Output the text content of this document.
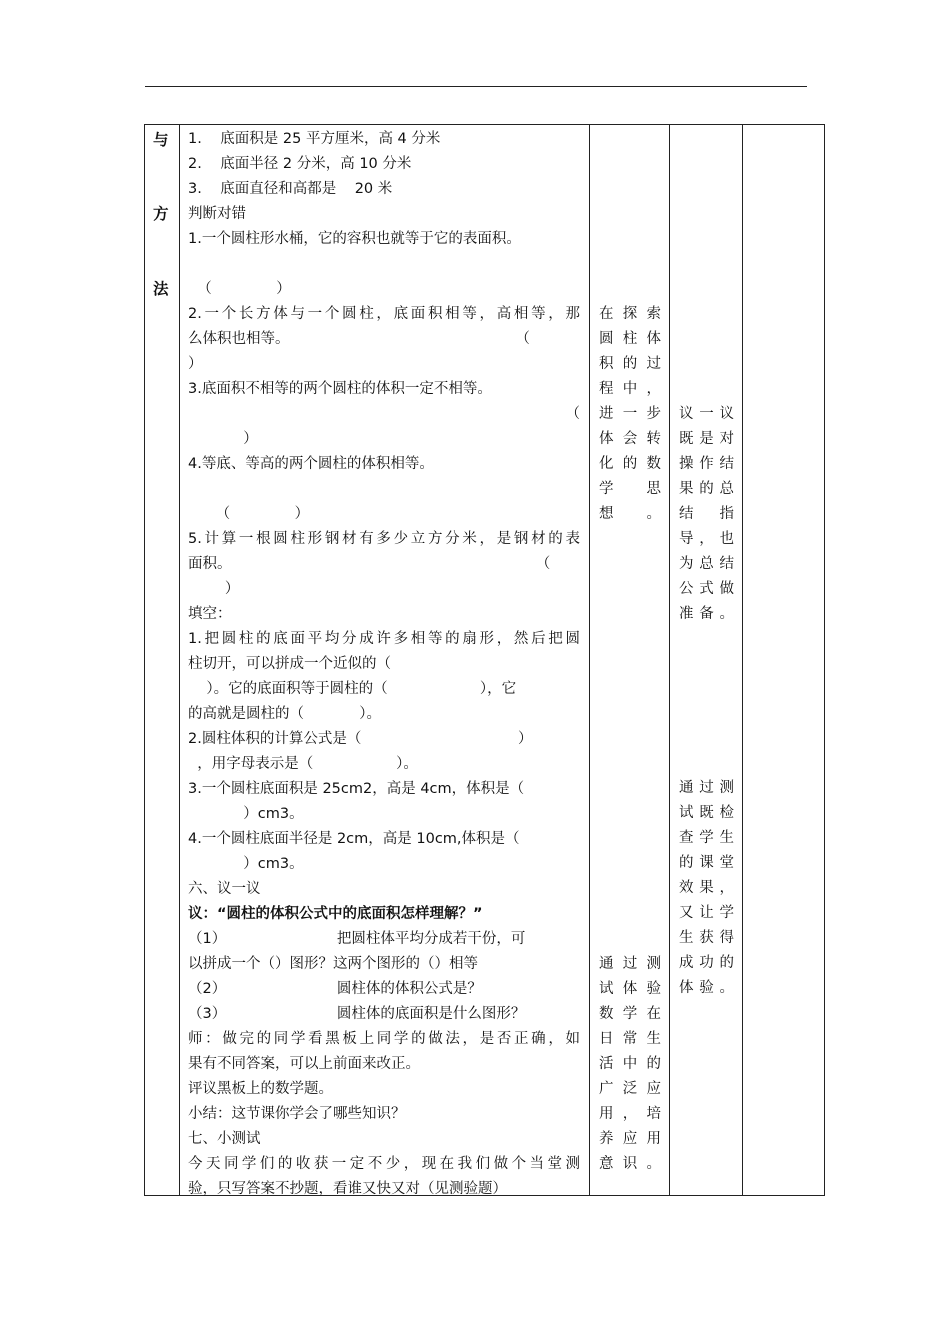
与
方
法
1.    底面积是 25 平方厘米，高 4 分米
2.    底面半径 2 分米，高 10 分米
3.    底面直径和高都是    20 米
判断对错
1.一个圆柱形水桶，它的容积也就等于它的表面积。
（              ）
2.一个长方体与一个圆柱，底面积相等，高相等，那
么体积也相等。                                                 （
）
3.底面积不相等的两个圆柱的体积一定不相等。
（
）
4.等底、等高的两个圆柱的体积相等。
（              ）
5.计算一根圆柱形钢材有多少立方分米，是钢材的表
面积。                                                                  （
）
填空：
1.把圆柱的底面平均分成许多相等的扇形，然后把圆
柱切开，可以拼成一个近似的（
）。它的底面积等于圆柱的（                    ），它
的高就是圆柱的（            ）。
2.圆柱体积的计算公式是（                                  ）
，用字母表示是（                  ）。
3.一个圆柱底面积是 25cm2，高是 4cm，体积是（
）cm3。
4.一个圆柱底面半径是 2cm，高是 10cm,体积是（
）cm3。
六、议一议
议：“圆柱的体积公式中的底面积怎样理解？”
（1）                        把圆柱体平均分成若干份，可
以拼成一个（）图形？这两个图形的（）相等
（2）                        圆柱体的体积公式是？
（3）                        圆柱体的底面积是什么图形？
师：做完的同学看黑板上同学的做法，是否正确，如
果有不同答案，可以上前面来改正。
评议黑板上的数学题。
小结：这节课你学会了哪些知识？
七、小测试
今天同学们的收获一定不少，现在我们做个当堂测
验，只写答案不抄题，看谁又快又对（见测验题）
在探索
圆柱体
积的过
程中，
进一步
体会转
化的数
学 思
想。
通过测
试体验
数学在
日常生
活中的
广泛应
用，培
养应用
意识。
议一议
既是对
操作结
果的总
结 指
导，也
为总结
公式做
准备。
通过测
试既检
查学生
的课堂
效果，
又让学
生获得
成功的
体验。
